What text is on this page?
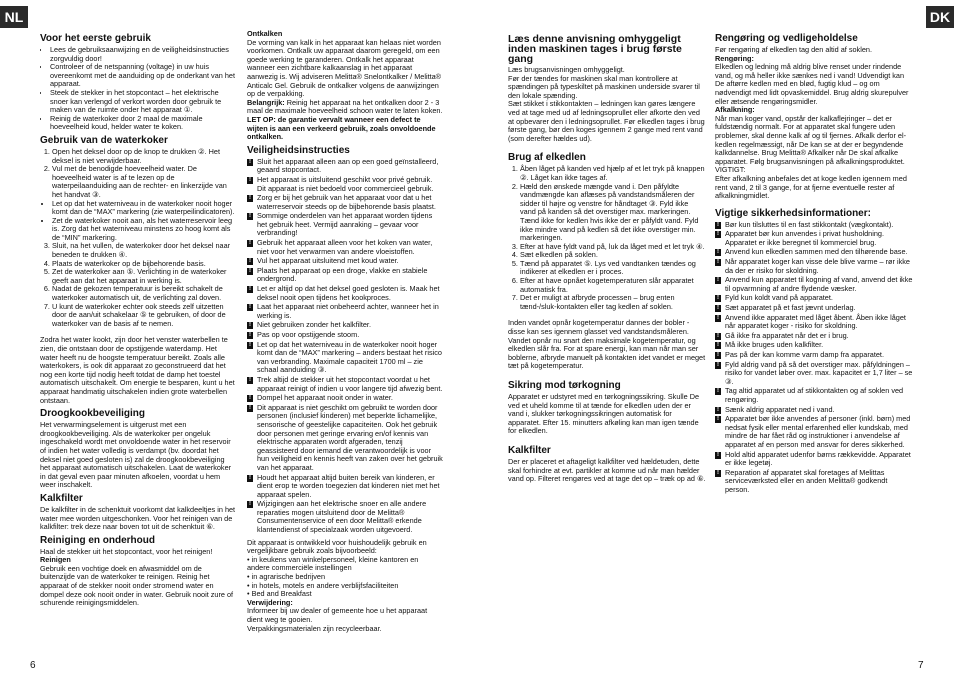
NL	DK
Voor het eerste gebruik
• Lees de gebruiksaanwijzing en de veiligheidsinstructies zorgvuldig door!
• Controleer of de netspanning (voltage) in uw huis overeenkomt met de aanduiding op de onderkant van het apparaat.
• Steek de stekker in het stopcontact – het elektrische snoer kan verlengd of verkort worden door gebruik te maken van de ruimte onder het apparaat ①.
• Reinig de waterkoker door 2 maal de maximale hoeveelheid koud, helder water te koken.
Gebruik van de waterkoker
1. Open het deksel door op de knop te drukken ②. Het deksel is niet verwijderbaar.
2. Vul met de benodigde hoeveelheid water. De hoeveelheid water is af te lezen op de waterpeilaanduiding aan de rechter- en linkerzijde van het handvat ③.
• Let op dat het waterniveau in de waterkoker nooit hoger komt dan de “MAX” markering (zie waterpeilindicatoren).
• Zet de waterkoker nooit aan, als het waterreservoir leeg is. Zorg dat het waterniveau minstens zo hoog komt als de “MIN” markering.
3. Sluit, na het vullen, de waterkoker door het deksel naar beneden te drukken ④.
4. Plaats de waterkoker op de bijbehorende basis.
5. Zet de waterkoker aan ⑤. Verlichting in de waterkoker geeft aan dat het apparaat in werking is.
6. Nadat de gekozen temperatuur is bereikt schakelt de waterkoker automatisch uit, de verlichting zal doven.
7. U kunt de waterkoker echter ook steeds zelf uitzetten door de aan/uit schakelaar ⑤ te gebruiken, of door de waterkoker van de basis af te nemen.

Zodra het water kookt, zijn door het venster waterbellen te zien, die ontstaan door de opstijgende waterdamp. Het water heeft nu de hoogste temperatuur bereikt. Zoals alle waterkokers, is ook dit apparaat zo geconstrueerd dat het nog een korte tijd nodig heeft totdat de damp het toestel automatisch uitschakelt. Om energie te besparen, kunt u het apparaat handmatig uitschakelen indien grote waterbellen ontstaan.

Droogkookbeveiliging

Het verwarmingselement is uitgerust met een droogkookbeveiliging. Als de waterkoker per ongeluk ingeschakeld wordt met onvoldoende water in het reservoir of indien het water volledig is verdampt (bv. doordat het deksel niet goed gesloten is) zal de droogkookbeveiliging het apparaat automatisch uitschakelen. Laat de waterkoker in dat geval even paar minuten afkoelen, voordat u hem weer inschakelt.

Kalkfilter

De kalkfilter in de schenktuit voorkomt dat kalkdeeltjes in het water mee worden uitgeschonken. Voor het reinigen van de kalkfilter: trek deze naar boven tot uit de schenktuit ⑥.

Reiniging en onderhoud

Haal de stekker uit het stopcontact, voor het reinigen!

Reinigen

Gebruik een vochtige doek en afwasmiddel om de buitenzijde van de waterkoker te reinigen. Reinig het apparaat of de stekker nooit onder stromend water en dompel deze ook nooit onder in water. Gebruik nooit zure of schurende reinigingsmiddelen.

Ontkalken

De vorming van kalk in het apparaat kan helaas niet worden voorkomen. Ontkalk uw apparaat daarom geregeld, om een goede werking te garanderen. Ontkalk het apparaat wanneer een zichtbare kalkaanslag in het apparaat aanwezig is. Wij adviseren Melitta® Snelontkalker / Melitta® Anticalc Gel. Gebruik de ontkalker volgens de aanwijzingen op de verpakking.

Belangrijk: Reinig het apparaat na het ontkalken door 2 - 3 maal de maximale hoeveelheid schoon water te laten koken.

LET OP: de garantie vervalt wanneer een defect te wijten is aan een verkeerd gebruik, zoals onvoldoende ontkalken.

Veiligheidsinstructies
! Sluit het apparaat alleen aan op een goed geïnstalleerd, geaard stopcontact.
! Het apparaat is uitsluitend geschikt voor privé gebruik. Dit apparaat is niet bedoeld voor commercieel gebruik.
! Zorg er bij het gebruik van het apparaat voor dat u het waterreservoir steeds op de bijbehorende basis plaatst.
! Sommige onderdelen van het apparaat worden tijdens het gebruik heet. Vermijd aanraking – gevaar voor verbranding!
! Gebruik het apparaat alleen voor het koken van water, niet voor het verwarmen van andere vloeistoffen.
! Vul het apparaat uitsluitend met koud water.
! Plaats het apparaat op een droge, vlakke en stabiele ondergrond.
! Let er altijd op dat het deksel goed gesloten is. Maak het deksel nooit open tijdens het kookproces.
! Laat het apparaat niet onbeheerd achter, wanneer het in werking is.
! Niet gebruiken zonder het kalkfilter.
! Pas op voor opstijgende stoom.
! Let op dat het waterniveau in de waterkoker nooit hoger komt dan de “MAX” markering – anders bestaat het risico van verbranding. Maximale capaciteit 1700 ml – zie schaal aanduiding ③.
! Trek altijd de stekker uit het stopcontact voordat u het apparaat reinigt of indien u voor langere tijd afwezig bent.
! Dompel het apparaat nooit onder in water.
! Dit apparaat is niet geschikt om gebruikt te worden door personen (inclusief kinderen) met beperkte lichamelijke, sensorische of geestelijke capaciteiten. Ook het gebruik door personen met geringe ervaring en/of kennis van elektrische apparaten wordt afgeraden, tenzij geassisteerd door iemand die verantwoordelijk is voor hun veiligheid en kennis heeft van zaken over het gebruik van het apparaat.
! Houdt het apparaat altijd buiten bereik van kinderen, er dient erop te worden toegezien dat kinderen niet met het apparaat spelen.
! Wijzigingen aan het elektrische snoer en alle andere reparaties mogen uitsluitend door de Melitta® Consumentenservice of een door Melitta® erkende klantendienst of specialzaak worden uitgevoerd.

Dit apparaat is ontwikkeld voor huishoudelijk gebruik en vergelijkbare gebruik zoals bijvoorbeeld:

• in keukens van winkelpersoneel, kleine kantoren en andere commerciële instellingen
• in agrarische bedrijven
• in hotels, motels en andere verblijfsfaciliteiten
• Bed and Breakfast
Verwijdering:

Informeer bij uw dealer of gemeente hoe u het apparaat dient weg te gooien.

Verpakkingsmaterialen zijn recycleerbaar.

Læs denne anvisning omhyggeligt inden maskinen tages i brug første gang

Læs brugsanvisningen omhyggeligt.

Før der tændes for maskinen skal man kontrollere at spændingen på typeskiltet på maskinen underside svarer til den lokale spænding.

Sæt stikket i stikkontakten – ledningen kan gøres længere ved at tage med ud af ledningsoprullet eller afkorte den ved at opbevarer den i ledningsoprullet. Før elkedlen tages i brug første gang, bør den koges igennem 2 gange med rent vand (som derefter hældes ud).

Brug af elkedlen
1. Åben låget på kanden ved hjælp af et let tryk på knappen ②. Låget kan ikke tages af.
2. Hæld den ønskede mængde vand i. Den påfyldte vandmængde kan aflæses på vandstandsmåleren der sidder til højre og venstre for håndtaget ③. Fyld ikke vand på kanden så det overstiger max. markeringen. Tænd ikke for kedlen hvis ikke der er påfyldt vand. Fyld ikke mindre vand på kedlen så det ikke overstiger min. markeringen.
3. Efter at have fyldt vand på, luk da låget med et let tryk ④.
4. Sæt elkedlen på soklen.
5. Tænd på apparatet ⑤. Lys ved vandtanken tændes og indikerer at elkedlen er i proces.
6. Efter at have opnået kogetemperaturen slår apparatet automatisk fra.
7. Det er muligt at afbryde processen – brug enten tænd-/sluk-kontakten eller tag kedlen af soklen.

Inden vandet opnår kogetemperatur dannes der bobler - disse kan ses igennem glasset ved vandstandsmåleren. Vandet opnår nu snart den maksimale kogetemperatur, og elkedlen slår fra. For at spare energi, kan man når man ser boblerne, afbryde manuelt på kontakten idet vandet er meget tæt på kogetemperatur.

Sikring mod tørkogning

Apparatet er udstyret med en tørkogningssikring. Skulle De ved et uheld komme til at tænde for elkedlen uden der er vand i, slukker tørkogningssikringen automatisk for apparatet. Efter 15. minutters afkøling kan man igen tænde for elkedlen.

Kalkfilter

Der er placeret et aftageligt kalkfilter ved hældetuden, dette skal forhindre at evt. partikler at komme ud når man hælder vand op. Filteret rengøres ved at tage det op – træk op ad ⑥.

Rengøring og vedligeholdelse

Før rengøring af elkedlen tag den altid af soklen.

Rengøring:

Elkedlen og ledning må aldrig blive renset under rindende vand, og må heller ikke sænkes ned i vand! Udvendigt kan De aftørre kedlen med en blød, fugtig klud – og om nødvendigt med lidt opvaskemiddel. Brug aldrig skurepulver eller ætsende rengøringsmidler.

Afkalkning:

Når man koger vand, opstår der kalkaflejringer – det er fuldstændig normalt. For at apparatet skal fungere uden problemer, skal denne kalk af og til fjernes. Afkalk derfor el-kedlen regelmæssigt, når De kan se at der er begyndende kalkdannelse. Brug Melitta® Afkalker når De skal afkalke apparatet. Følg brugsanvisningen på afkalkningsproduktet.

VIGTIGT:

Efter afkalkning anbefales det at koge kedlen igennem med rent vand, 2 til 3 gange, for at fjerne eventuelle rester af afkalkningmidlet.

Vigtige sikkerhedsinformationer:
! Bør kun tilsluttes til en fast stikkontakt (vægkontakt).
! Apparatet bør kun anvendes i privat husholdning. Apparatet er ikke beregnet til kommerciel brug.
! Anvend kun elkedlen sammen med den tilhørende base.
! Når apparatet koger kan visse dele blive varme – rør ikke da der er risiko for skoldning.
! Anvend kun apparatet til kogning af vand, anvend det ikke til opvarmning af andre flydende væsker.
! Fyld kun koldt vand på apparatet.
! Sæt apparatet på et fast jævnt underlag.
! Anvend ikke apparatet med låget åbent. Åben ikke låget når apparatet koger - risiko for skoldning.
! Gå ikke fra apparatet når det er i brug.
! Må ikke bruges uden kalkfilter.
! Pas på der kan komme varm damp fra apparatet.
! Fyld aldrig vand på så det overstiger max. påfyldningen – risiko for vandet løber over. max. kapacitet er 1,7 liter – se ③.
! Tag altid apparatet ud af stikkontakten og af soklen ved rengøring.
! Sænk aldrig apparatet ned i vand.
! Apparatet bør ikke anvendes af personer (inkl. børn) med nedsat fysik eller mental erfarenhed eller kundskab, med mindre de har fået råd og instruktioner i anvendelse af apparatet af en person med ansvar for deres sikkerhed.
! Hold altid apparatet udenfor børns rækkevidde. Apparatet er ikke legetøj.
! Reparation af apparatet skal foretages af Melittas serviceværksted eller en anden Melitta® godkendt person.
6	7
